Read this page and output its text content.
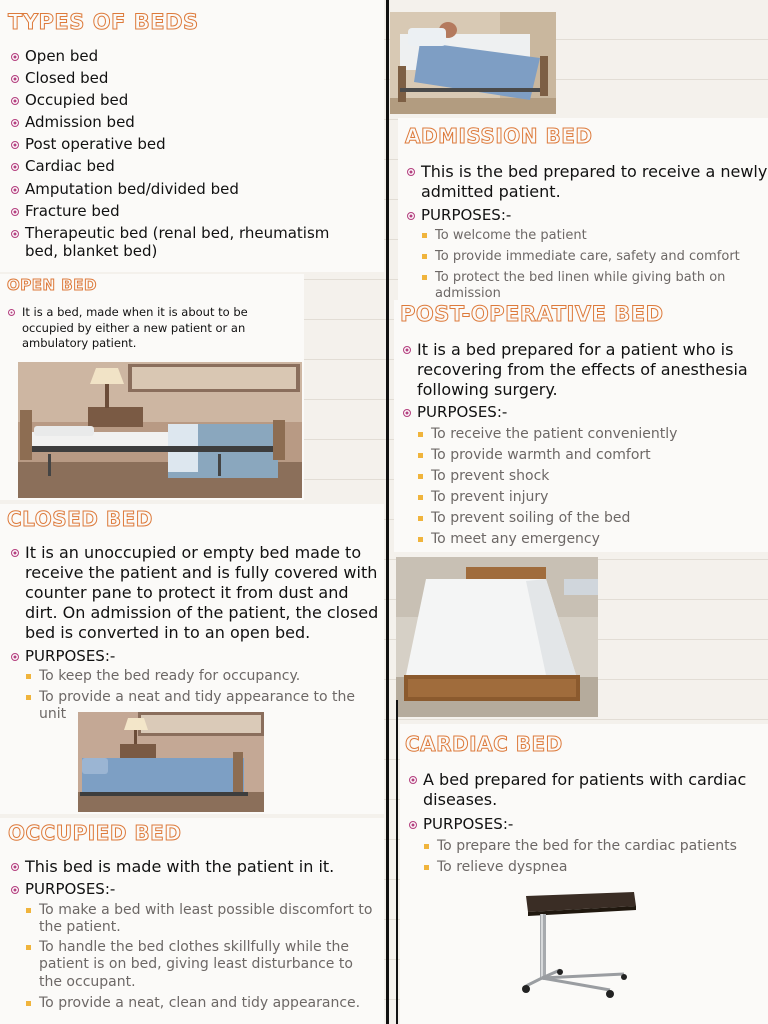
TYPES OF BEDS
Open bed
Closed bed
Occupied bed
Admission bed
Post operative bed
Cardiac bed
Amputation bed/divided bed
Fracture bed
Therapeutic bed (renal bed, rheumatism bed, blanket bed)
OPEN BED
It is a bed, made when it is about to be occupied by either a new patient or an ambulatory patient.
CLOSED BED
It is an unoccupied or empty bed made to receive the patient and is fully covered with counter pane to protect it from dust and dirt. On admission of the patient, the closed bed is converted in to an open bed.
PURPOSES:-
To keep the bed ready for occupancy.
To provide a neat and tidy appearance to the unit
OCCUPIED BED
This bed is made with the patient in it.
PURPOSES:-
To make a bed with least possible discomfort to the patient.
To handle the bed clothes skillfully while the patient is on bed, giving least disturbance to the occupant.
To provide a neat, clean and tidy appearance.
ADMISSION BED
This is the bed prepared to receive a newly admitted patient.
PURPOSES:-
To welcome the patient
To provide immediate care, safety and comfort
To protect the bed linen while giving bath on admission
POST-OPERATIVE BED
It is a bed prepared for a patient who is recovering from the effects of anesthesia following surgery.
PURPOSES:-
To receive the patient conveniently
To provide warmth and comfort
To prevent shock
To prevent injury
To prevent soiling of the bed
To meet any emergency
CARDIAC BED
A bed prepared for patients with cardiac diseases.
PURPOSES:-
To prepare the bed for the cardiac patients
To relieve dyspnea
